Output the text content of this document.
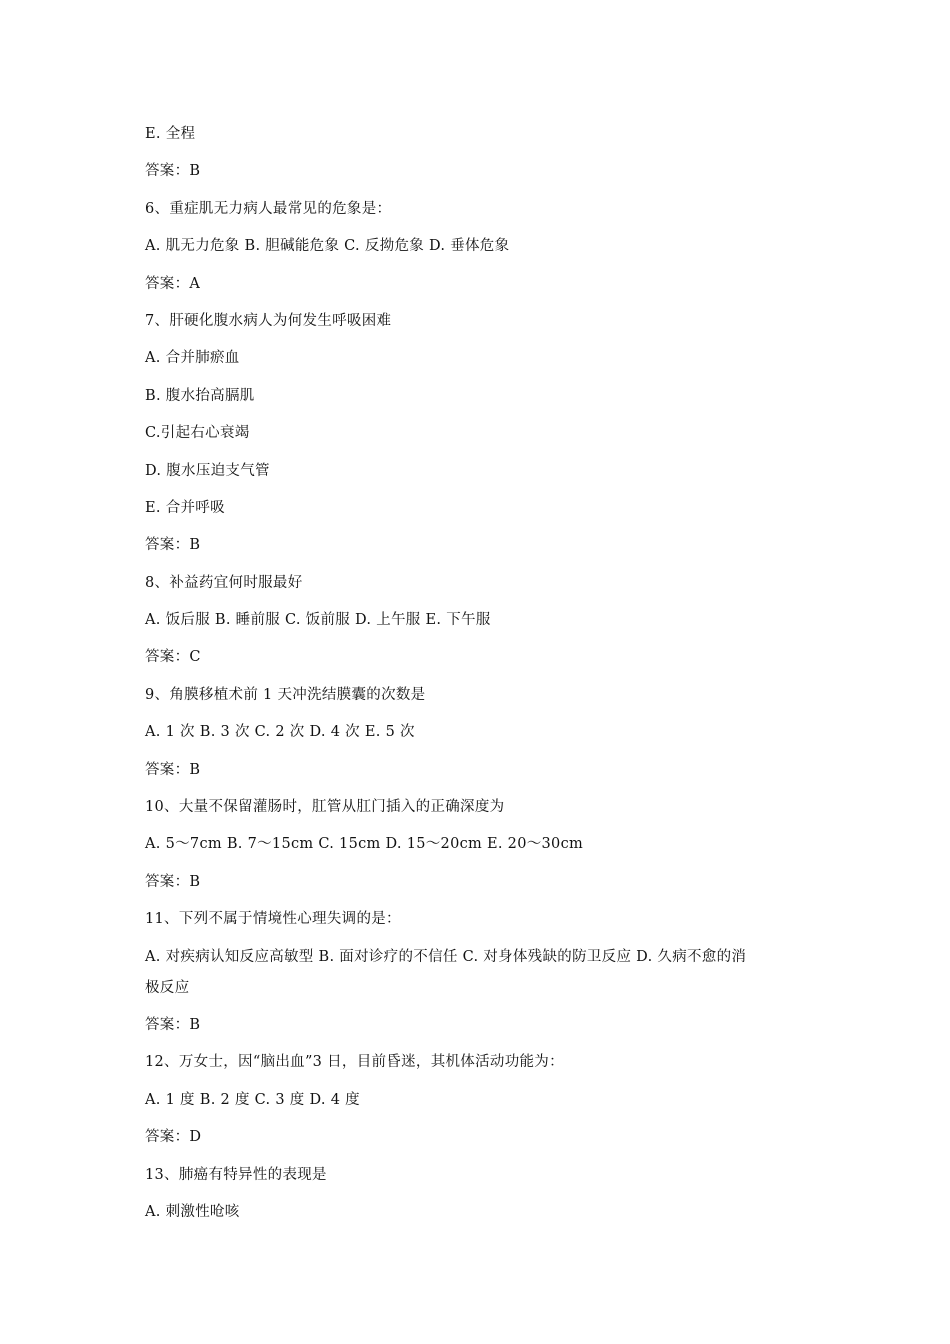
E. 全程
答案：B
6、重症肌无力病人最常见的危象是：
A. 肌无力危象 B. 胆碱能危象 C. 反拗危象 D. 垂体危象
答案：A
7、肝硬化腹水病人为何发生呼吸困难
A. 合并肺瘀血
B. 腹水抬高膈肌
C.引起右心衰竭
D. 腹水压迫支气管
E. 合并呼吸
答案：B
8、补益药宜何时服最好
A. 饭后服 B. 睡前服 C. 饭前服 D. 上午服 E. 下午服
答案：C
9、角膜移植术前 1 天冲洗结膜囊的次数是
A. 1 次 B. 3 次 C. 2 次 D. 4 次 E. 5 次
答案：B
10、大量不保留灌肠时，肛管从肛门插入的正确深度为
A. 5～7cm B. 7～15cm C. 15cm D. 15～20cm E. 20～30cm
答案：B
11、下列不属于情境性心理失调的是：
A. 对疾病认知反应高敏型 B. 面对诊疗的不信任 C. 对身体残缺的防卫反应 D. 久病不愈的消
极反应
答案：B
12、万女士，因“脑出血”3 日，目前昏迷，其机体活动功能为：
A. 1 度 B. 2 度 C. 3 度 D. 4 度
答案：D
13、肺癌有特异性的表现是
A. 刺激性呛咳
